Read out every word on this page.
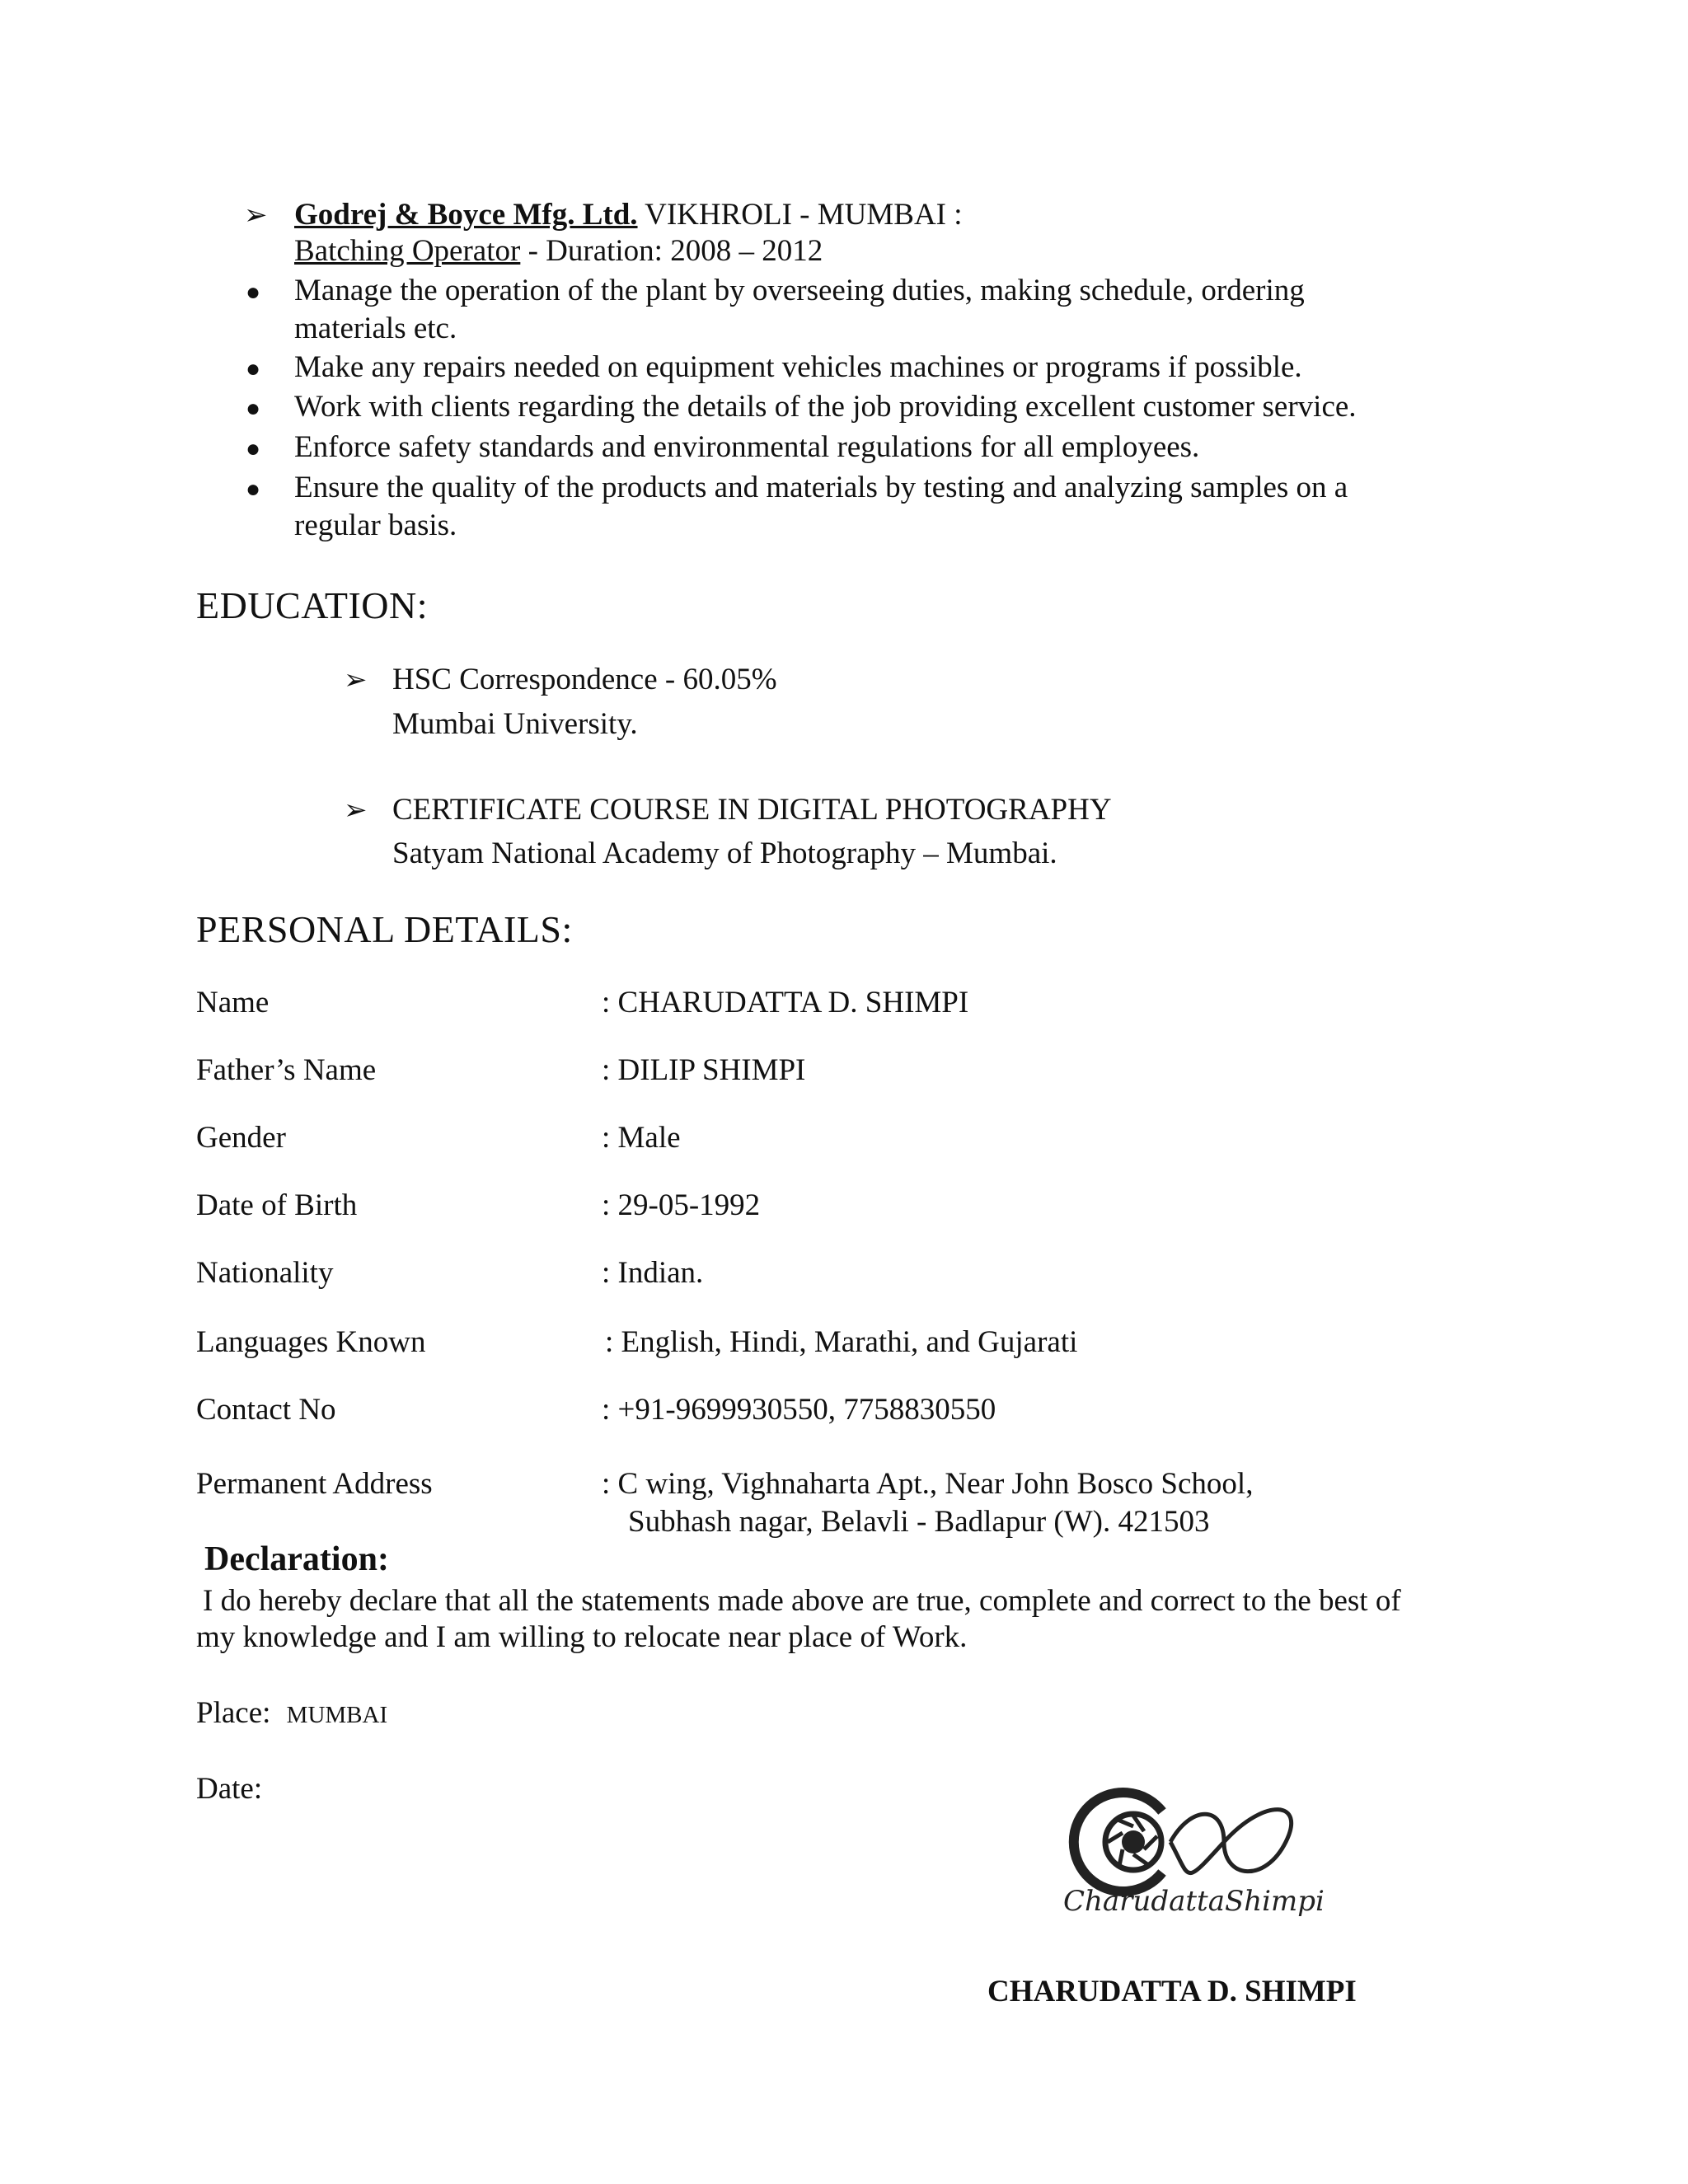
➢ Godrej & Boyce Mfg. Ltd. VIKHROLI - MUMBAI :
Batching Operator - Duration: 2008 – 2012
● Manage the operation of the plant by overseeing duties, making schedule, ordering
materials etc.
● Make any repairs needed on equipment vehicles machines or programs if possible.
● Work with clients regarding the details of the job providing excellent customer service.
● Enforce safety standards and environmental regulations for all employees.
● Ensure the quality of the products and materials by testing and analyzing samples on a
regular basis.
EDUCATION:
➢ HSC Correspondence - 60.05%
Mumbai University.
➢ CERTIFICATE COURSE IN DIGITAL PHOTOGRAPHY
Satyam National Academy of Photography – Mumbai.
PERSONAL DETAILS:
Name	: CHARUDATTA D. SHIMPI
Father’s Name	: DILIP SHIMPI
Gender	: Male
Date of Birth	: 29-05-1992
Nationality	: Indian.
Languages Known	: English, Hindi, Marathi, and Gujarati
Contact No	: +91-9699930550, 7758830550
Permanent Address	: C wing, Vighnaharta Apt., Near John Bosco School,
Subhash nagar, Belavli - Badlapur (W). 421503
Declaration:
I do hereby declare that all the statements made above are true, complete and correct to the best of
my knowledge and I am willing to relocate near place of Work.
Place: MUMBAI
Date:
CharudattaShimpi
CHARUDATTA D. SHIMPI
